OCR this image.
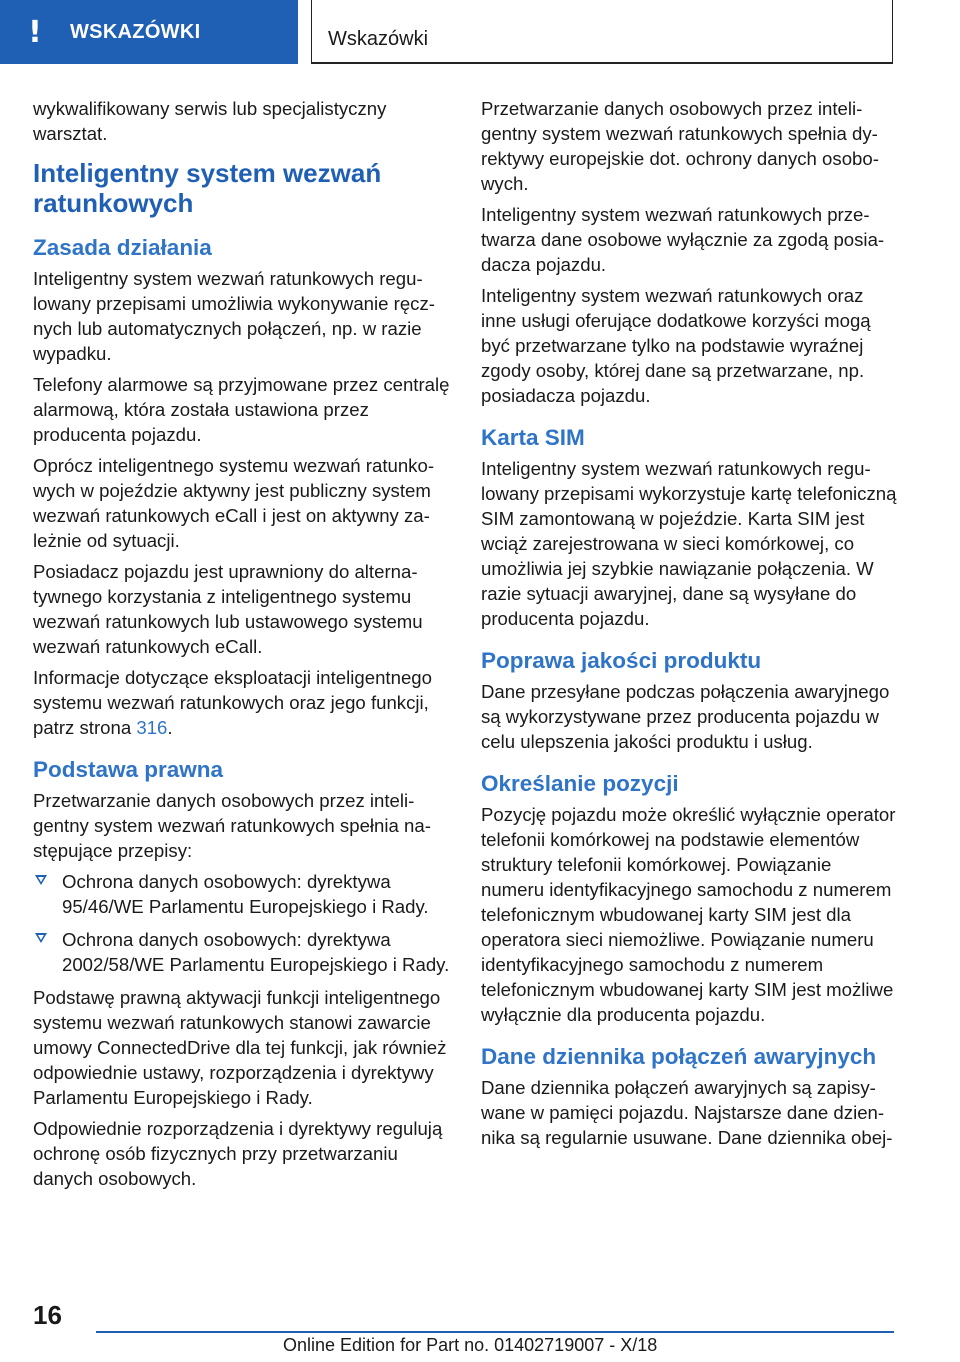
!	WSKAZÓWKI	Wskazówki

wykwalifikowany serwis lub specjalistyczny warsztat.

Inteligentny system wezwań ratunkowych
Zasada działania

Inteligentny system wezwań ratunkowych regulowany przepisami umożliwia wykonywanie ręcznych lub automatycznych połączeń, np. w razie wypadku.

Telefony alarmowe są przyjmowane przez centralę alarmową, która została ustawiona przez producenta pojazdu.

Oprócz inteligentnego systemu wezwań ratunkowych w pojeździe aktywny jest publiczny system wezwań ratunkowych eCall i jest on aktywny zależnie od sytuacji.

Posiadacz pojazdu jest uprawniony do alternatywnego korzystania z inteligentnego systemu wezwań ratunkowych lub ustawowego systemu wezwań ratunkowych eCall.

Informacje dotyczące eksploatacji inteligentnego systemu wezwań ratunkowych oraz jego funkcji, patrz strona 316.

Podstawa prawna

Przetwarzanie danych osobowych przez inteligentny system wezwań ratunkowych spełnia następujące przepisy:

Ochrona danych osobowych: dyrektywa 95/46/WE Parlamentu Europejskiego i Rady.
Ochrona danych osobowych: dyrektywa 2002/58/WE Parlamentu Europejskiego i Rady.

Podstawę prawną aktywacji funkcji inteligentnego systemu wezwań ratunkowych stanowi zawarcie umowy ConnectedDrive dla tej funkcji, jak również odpowiednie ustawy, rozporządzenia i dyrektywy Parlamentu Europejskiego i Rady.

Odpowiednie rozporządzenia i dyrektywy regulują ochronę osób fizycznych przy przetwarzaniu danych osobowych.

Przetwarzanie danych osobowych przez inteligentny system wezwań ratunkowych spełnia dyrektywy europejskie dot. ochrony danych osobowych.

Inteligentny system wezwań ratunkowych przetwarza dane osobowe wyłącznie za zgodą posiadacza pojazdu.

Inteligentny system wezwań ratunkowych oraz inne usługi oferujące dodatkowe korzyści mogą być przetwarzane tylko na podstawie wyraźnej zgody osoby, której dane są przetwarzane, np. posiadacza pojazdu.

Karta SIM

Inteligentny system wezwań ratunkowych regulowany przepisami wykorzystuje kartę telefoniczną SIM zamontowaną w pojeździe. Karta SIM jest wciąż zarejestrowana w sieci komórkowej, co umożliwia jej szybkie nawiązanie połączenia. W razie sytuacji awaryjnej, dane są wysyłane do producenta pojazdu.

Poprawa jakości produktu

Dane przesyłane podczas połączenia awaryjnego są wykorzystywane przez producenta pojazdu w celu ulepszenia jakości produktu i usług.

Określanie pozycji

Pozycję pojazdu może określić wyłącznie operator telefonii komórkowej na podstawie elementów struktury telefonii komórkowej. Powiązanie numeru identyfikacyjnego samochodu z numerem telefonicznym wbudowanej karty SIM jest dla operatora sieci niemożliwe. Powiązanie numeru identyfikacyjnego samochodu z numerem telefonicznym wbudowanej karty SIM jest możliwe wyłącznie dla producenta pojazdu.

Dane dziennika połączeń awaryjnych

Dane dziennika połączeń awaryjnych są zapisywane w pamięci pojazdu. Najstarsze dane dziennika są regularnie usuwane. Dane dziennika obej-

16
Online Edition for Part no. 01402719007 - X/18
